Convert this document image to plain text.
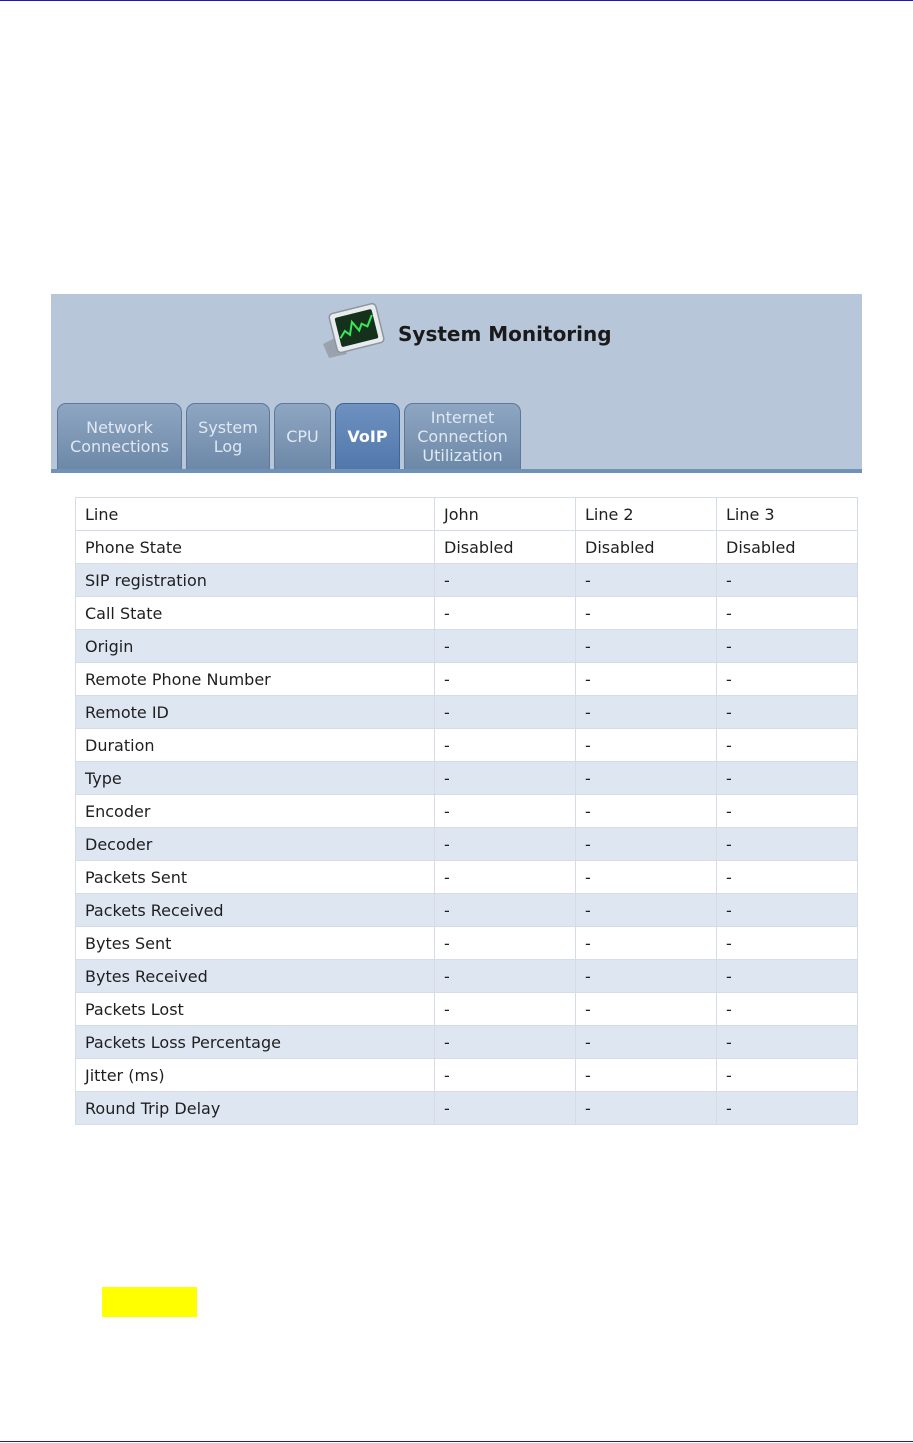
System Monitoring
Network
Connections
System
Log	CPU	VoIP
Internet
Connection
Utilization
Line	John	Line 2	Line 3
Phone State	Disabled	Disabled	Disabled
SIP registration	-	-	-
Call State	-	-	-
Origin	-	-	-
Remote Phone Number	-	-	-
Remote ID	-	-	-
Duration	-	-	-
Type	-	-	-
Encoder	-	-	-
Decoder	-	-	-
Packets Sent	-	-	-
Packets Received	-	-	-
Bytes Sent	-	-	-
Bytes Received	-	-	-
Packets Lost	-	-	-
Packets Loss Percentage	-	-	-
Jitter (ms)	-	-	-
Round Trip Delay	-	-	-
